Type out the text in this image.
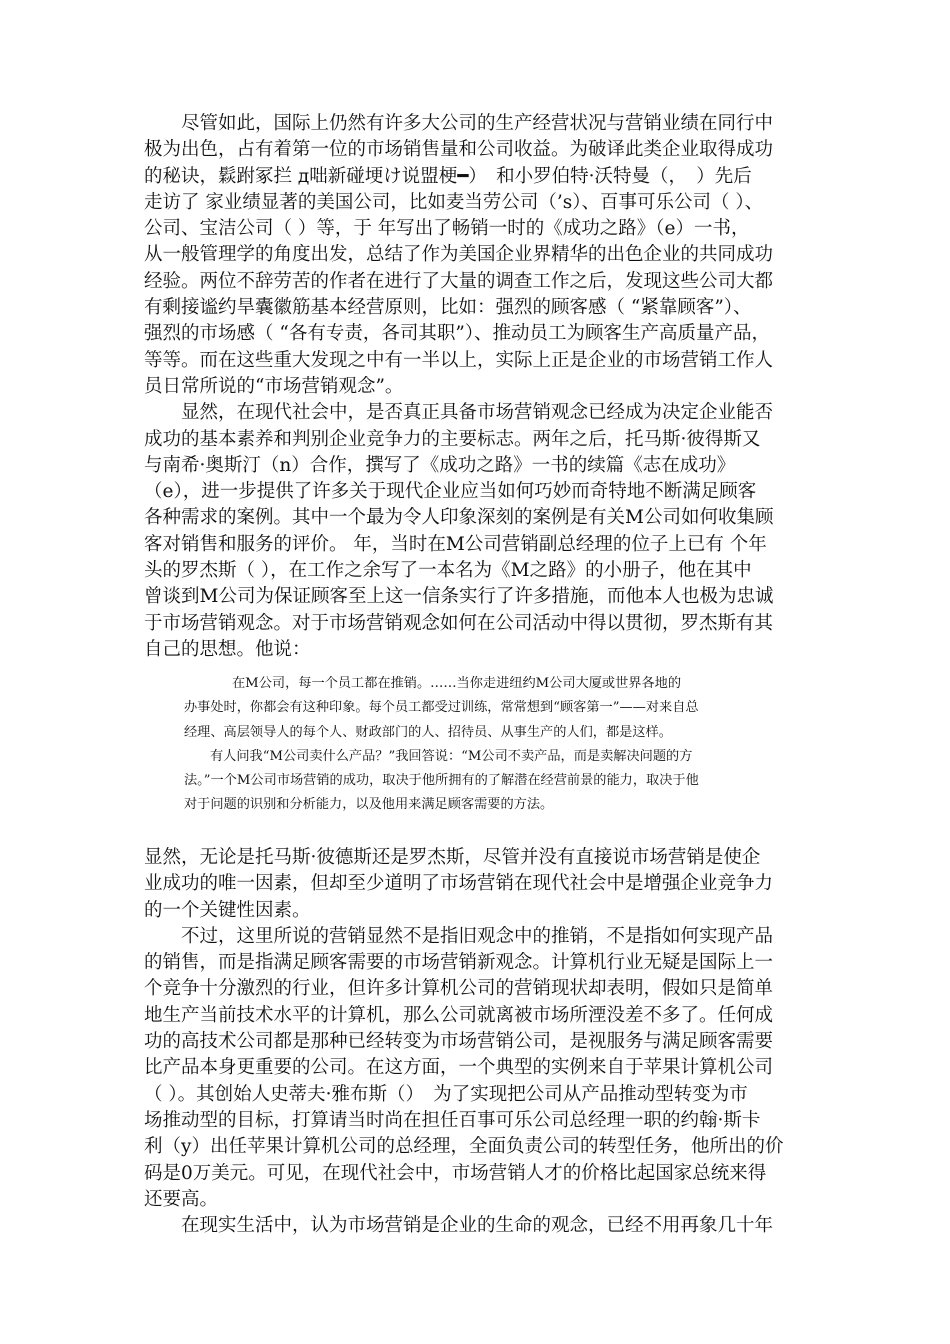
尽管如此，国际上仍然有许多大公司的生产经营状况与营销业绩在同行中
极为出色，占有着第一位的市场销售量和公司收益。为破译此类企业取得成功
的秘诀，鬏跗冢拦 д咄新碰埂け说盟梗━）　和小罗伯特·沃特曼（，　）先后
走访了 家业绩显著的美国公司，比如麦当劳公司（’s）、百事可乐公司（ ）、
公司、宝洁公司（ ）等，于 年写出了畅销一时的《成功之路》（e）一书，
从一般管理学的角度出发，总结了作为美国企业界精华的出色企业的共同成功
经验。两位不辞劳苦的作者在进行了大量的调查工作之后，发现这些公司大都
有剩接谧约旱囊徽筋基本经营原则，比如：强烈的顾客感（ “紧靠顾客”）、
强烈的市场感（ “各有专责，各司其职”）、推动员工为顾客生产高质量产品，
等等。而在这些重大发现之中有一半以上，实际上正是企业的市场营销工作人
员日常所说的“市场营销观念”。
显然，在现代社会中，是否真正具备市场营销观念已经成为决定企业能否
成功的基本素养和判别企业竞争力的主要标志。两年之后，托马斯·彼得斯又
与南希·奥斯汀（n）合作，撰写了《成功之路》一书的续篇《志在成功》
（e），进一步提供了许多关于现代企业应当如何巧妙而奇特地不断满足顾客
各种需求的案例。其中一个最为令人印象深刻的案例是有关M公司如何收集顾
客对销售和服务的评价。 年，当时在M公司营销副总经理的位子上已有 个年
头的罗杰斯（ ），在工作之余写了一本名为《M之路》的小册子，他在其中
曾谈到M公司为保证顾客至上这一信条实行了许多措施，而他本人也极为忠诚
于市场营销观念。对于市场营销观念如何在公司活动中得以贯彻，罗杰斯有其
自己的思想。他说：
在M公司，每一个员工都在推销。……当你走进纽约M公司大厦或世界各地的
办事处时，你都会有这种印象。每个员工都受过训练，常常想到“顾客第一”——对来自总
经理、高层领导人的每个人、财政部门的人、招待员、从事生产的人们，都是这样。
有人问我“M公司卖什么产品？”我回答说：“M公司不卖产品，而是卖解决问题的方
法。”一个M公司市场营销的成功，取决于他所拥有的了解潜在经营前景的能力，取决于他
对于问题的识别和分析能力，以及他用来满足顾客需要的方法。
显然，无论是托马斯·彼德斯还是罗杰斯，尽管并没有直接说市场营销是使企
业成功的唯一因素，但却至少道明了市场营销在现代社会中是增强企业竞争力
的一个关键性因素。
不过，这里所说的营销显然不是指旧观念中的推销，不是指如何实现产品
的销售，而是指满足顾客需要的市场营销新观念。计算机行业无疑是国际上一
个竞争十分激烈的行业，但许多计算机公司的营销现状却表明，假如只是简单
地生产当前技术水平的计算机，那么公司就离被市场所湮没差不多了。任何成
功的高技术公司都是那种已经转变为市场营销公司，是视服务与满足顾客需要
比产品本身更重要的公司。在这方面，一个典型的实例来自于苹果计算机公司
（ ）。其创始人史蒂夫·雅布斯（）　为了实现把公司从产品推动型转变为市
场推动型的目标，打算请当时尚在担任百事可乐公司总经理一职的约翰·斯卡
利（y）出任苹果计算机公司的总经理，全面负责公司的转型任务，他所出的价
码是0万美元。可见，在现代社会中，市场营销人才的价格比起国家总统来得
还要高。
在现实生活中，认为市场营销是企业的生命的观念，已经不用再象几十年
